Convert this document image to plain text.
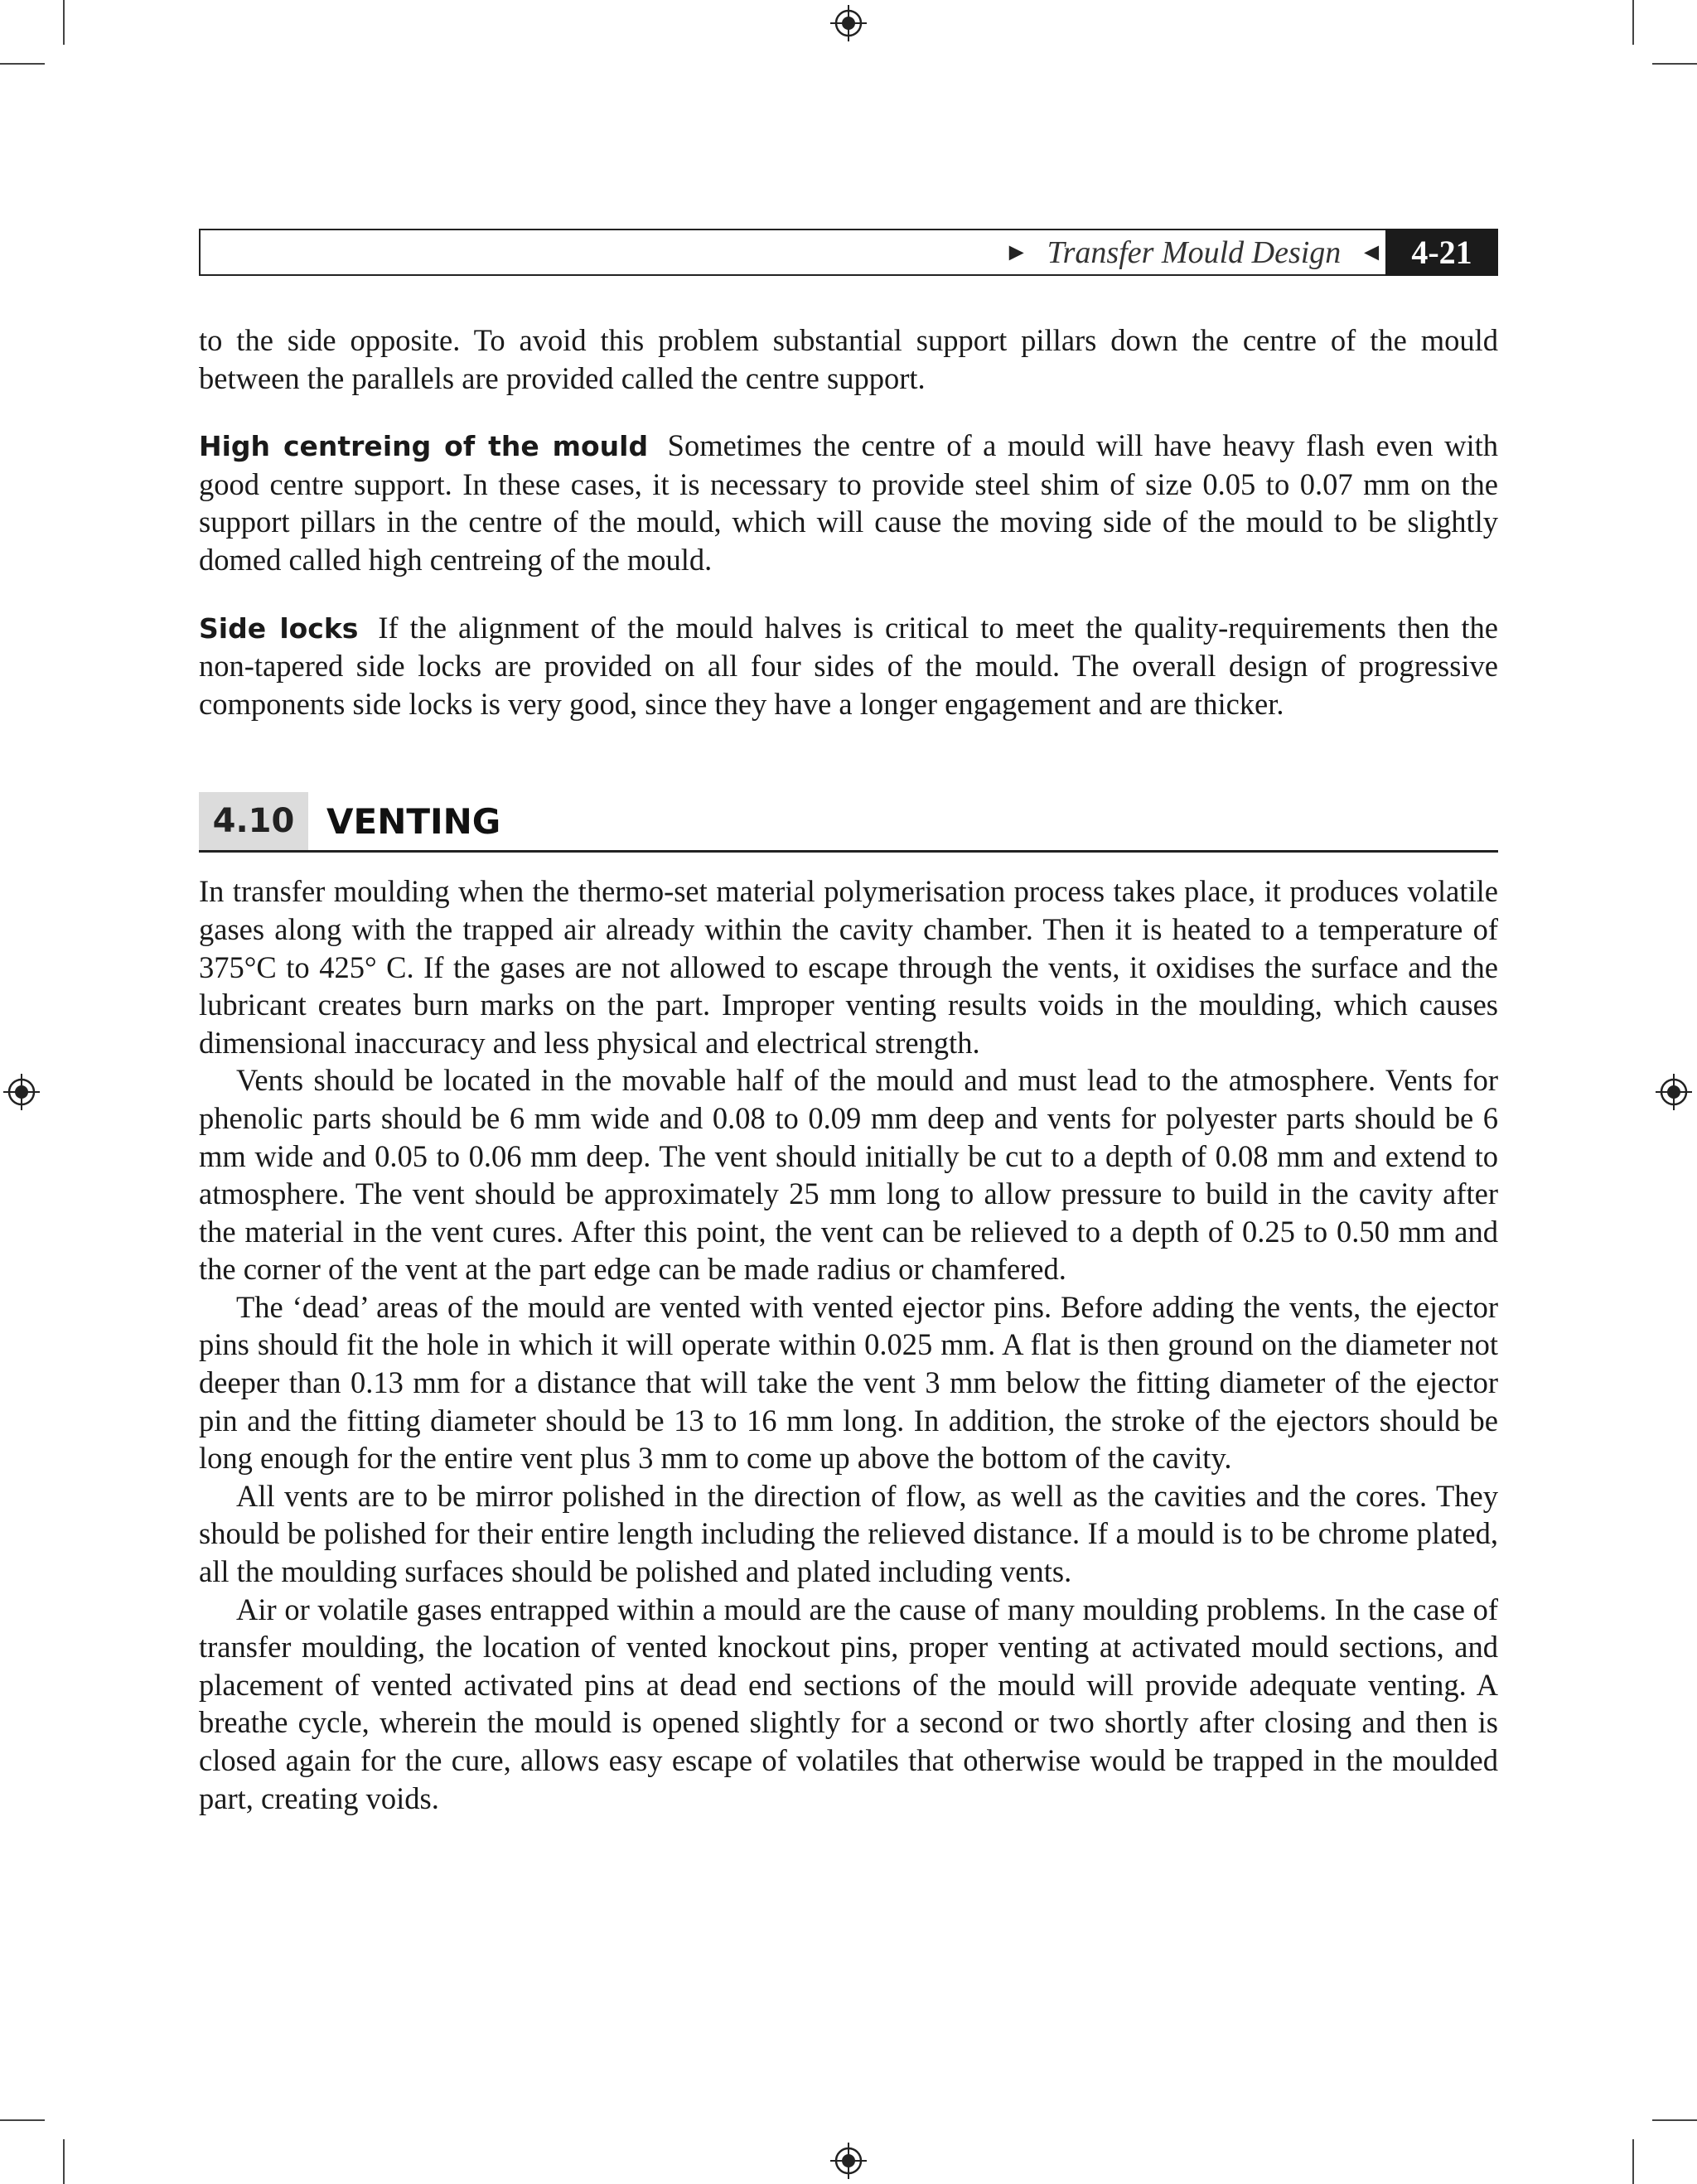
► Transfer Mould Design ◄ 4-21

to the side opposite. To avoid this problem substantial support pillars down the centre of the mould between the parallels are provided called the centre support.

High centreing of the mould Sometimes the centre of a mould will have heavy flash even with good centre support. In these cases, it is necessary to provide steel shim of size 0.05 to 0.07 mm on the support pillars in the centre of the mould, which will cause the moving side of the mould to be slightly domed called high centreing of the mould.

Side locks If the alignment of the mould halves is critical to meet the quality-requirements then the non-tapered side locks are provided on all four sides of the mould. The overall design of progressive components side locks is very good, since they have a longer engagement and are thicker.

4.10 VENTING

In transfer moulding when the thermo-set material polymerisation process takes place, it produces volatile gases along with the trapped air already within the cavity chamber. Then it is heated to a temperature of 375°C to 425° C. If the gases are not allowed to escape through the vents, it oxidises the surface and the lubricant creates burn marks on the part. Improper venting results voids in the moulding, which causes dimensional inaccuracy and less physical and electrical strength.

Vents should be located in the movable half of the mould and must lead to the atmosphere. Vents for phenolic parts should be 6 mm wide and 0.08 to 0.09 mm deep and vents for polyester parts should be 6 mm wide and 0.05 to 0.06 mm deep. The vent should initially be cut to a depth of 0.08 mm and extend to atmosphere. The vent should be approximately 25 mm long to allow pressure to build in the cavity after the material in the vent cures. After this point, the vent can be relieved to a depth of 0.25 to 0.50 mm and the corner of the vent at the part edge can be made radius or chamfered.

The ‘dead’ areas of the mould are vented with vented ejector pins. Before adding the vents, the ejector pins should fit the hole in which it will operate within 0.025 mm. A flat is then ground on the diameter not deeper than 0.13 mm for a distance that will take the vent 3 mm below the fitting diameter of the ejector pin and the fitting diameter should be 13 to 16 mm long. In addition, the stroke of the ejectors should be long enough for the entire vent plus 3 mm to come up above the bottom of the cavity.

All vents are to be mirror polished in the direction of flow, as well as the cavities and the cores. They should be polished for their entire length including the relieved distance. If a mould is to be chrome plated, all the moulding surfaces should be polished and plated including vents.

Air or volatile gases entrapped within a mould are the cause of many moulding problems. In the case of transfer moulding, the location of vented knockout pins, proper venting at activated mould sections, and placement of vented activated pins at dead end sections of the mould will provide adequate venting. A breathe cycle, wherein the mould is opened slightly for a second or two shortly after closing and then is closed again for the cure, allows easy escape of volatiles that otherwise would be trapped in the moulded part, creating voids.
